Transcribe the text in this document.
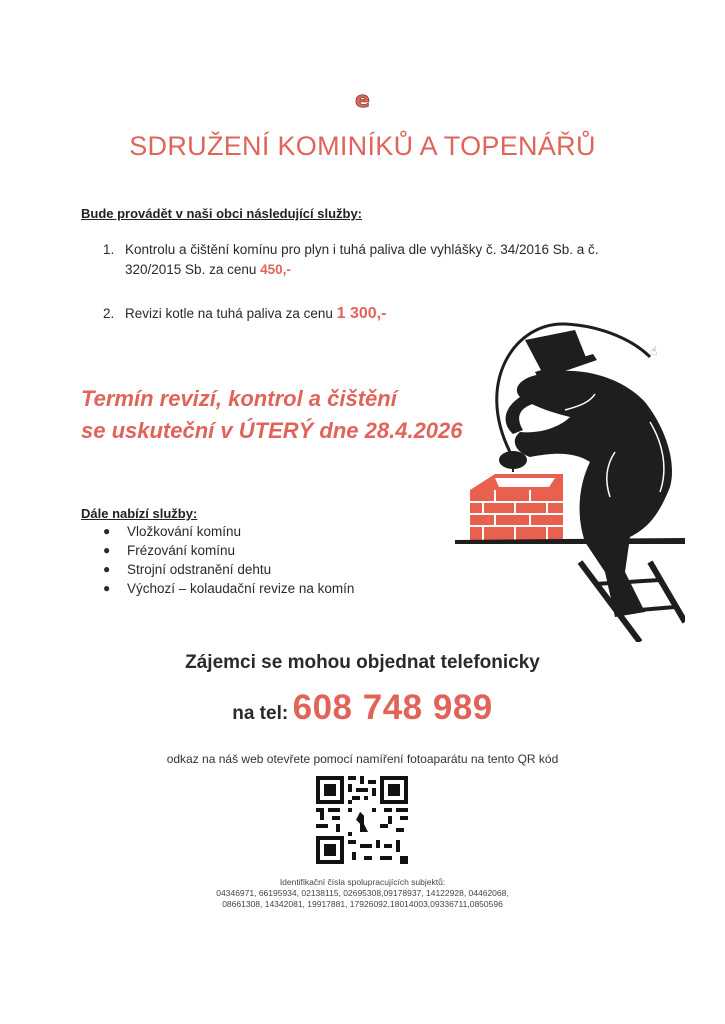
e
SDRUŽENÍ KOMINÍKŮ A TOPENÁŘŮ
Bude provádět v naši obci následující služby:
1. Kontrolu a čištění komínu pro plyn i tuhá paliva dle vyhlášky č. 34/2016 Sb. a č. 320/2015 Sb. za cenu 450,-
2. Revizi kotle na tuhá paliva za cenu 1 300,-
Termín revizí, kontrol a čištění
se uskuteční v ÚTERÝ dne 28.4.2026
Dále nabízí služby:
●	Vložkování komínu
●	Frézování komínu
●	Strojní odstranění dehtu
●	Výchozí – kolaudační revize na komín
☝
Zájemci se mohou objednat telefonicky
na tel: 608 748 989
odkaz na náš web otevřete pomocí namíření fotoaparátu na tento QR kód
Identifikační čísla spolupracujících subjektů:
04346971, 66195934, 02138115, 02695308,09178937, 14122928, 04462068,
08661308, 14342081, 19917881, 17926092,18014003,09336711,0850596
